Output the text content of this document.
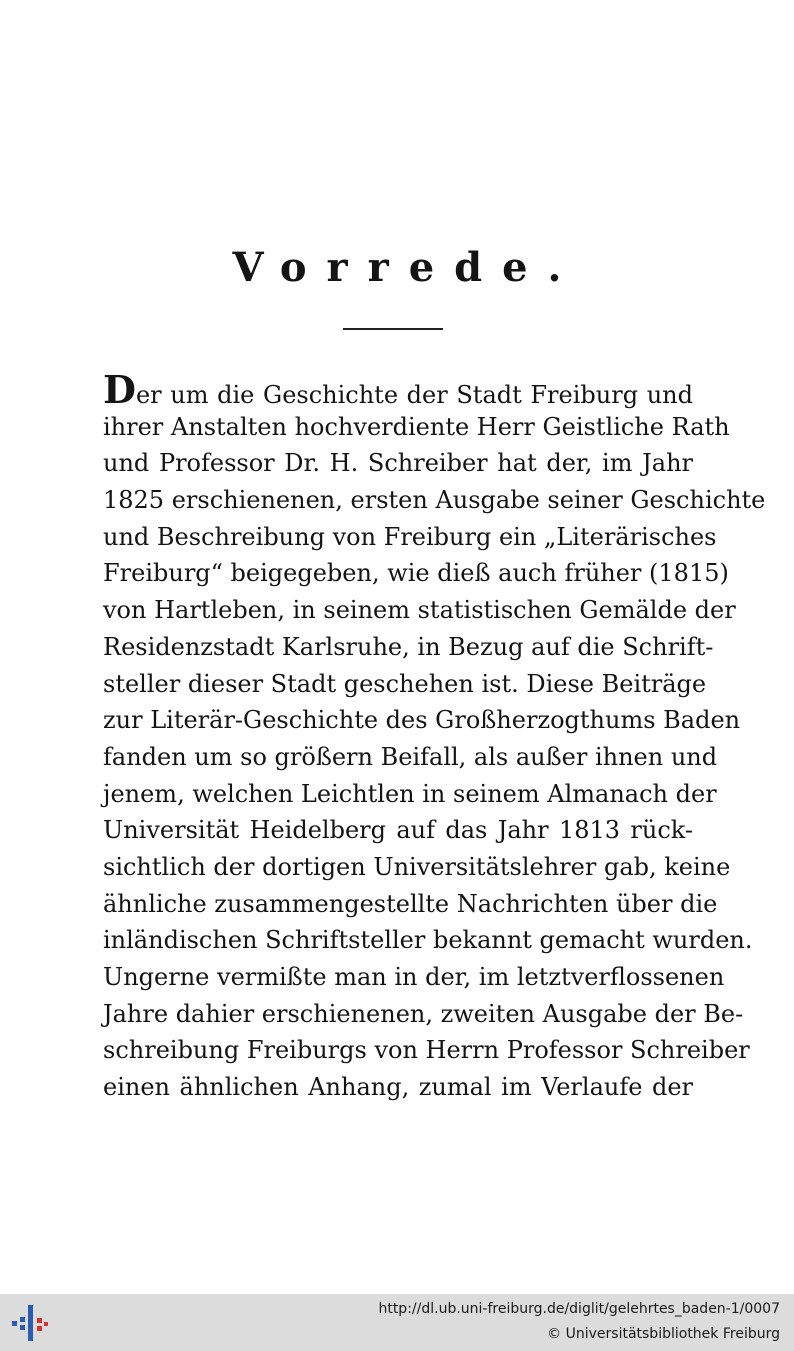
Vorrede.
Der um die Geschichte der Stadt Freiburg und
ihrer Anstalten hochverdiente Herr Geistliche Rath
und Professor Dr. H. Schreiber hat der, im Jahr
1825 erschienenen, ersten Ausgabe seiner Geschichte
und Beschreibung von Freiburg ein „Literärisches
Freiburg“ beigegeben, wie dieß auch früher (1815)
von Hartleben, in seinem statistischen Gemälde der
Residenzstadt Karlsruhe, in Bezug auf die Schrift-
steller dieser Stadt geschehen ist. Diese Beiträge
zur Literär-Geschichte des Großherzogthums Baden
fanden um so größern Beifall, als außer ihnen und
jenem, welchen Leichtlen in seinem Almanach der
Universität Heidelberg auf das Jahr 1813 rück-
sichtlich der dortigen Universitätslehrer gab, keine
ähnliche zusammengestellte Nachrichten über die
inländischen Schriftsteller bekannt gemacht wurden.
Ungerne vermißte man in der, im letztverflossenen
Jahre dahier erschienenen, zweiten Ausgabe der Be-
schreibung Freiburgs von Herrn Professor Schreiber
einen ähnlichen Anhang, zumal im Verlaufe der
http://dl.ub.uni-freiburg.de/diglit/gelehrtes_baden-1/0007
© Universitätsbibliothek Freiburg
